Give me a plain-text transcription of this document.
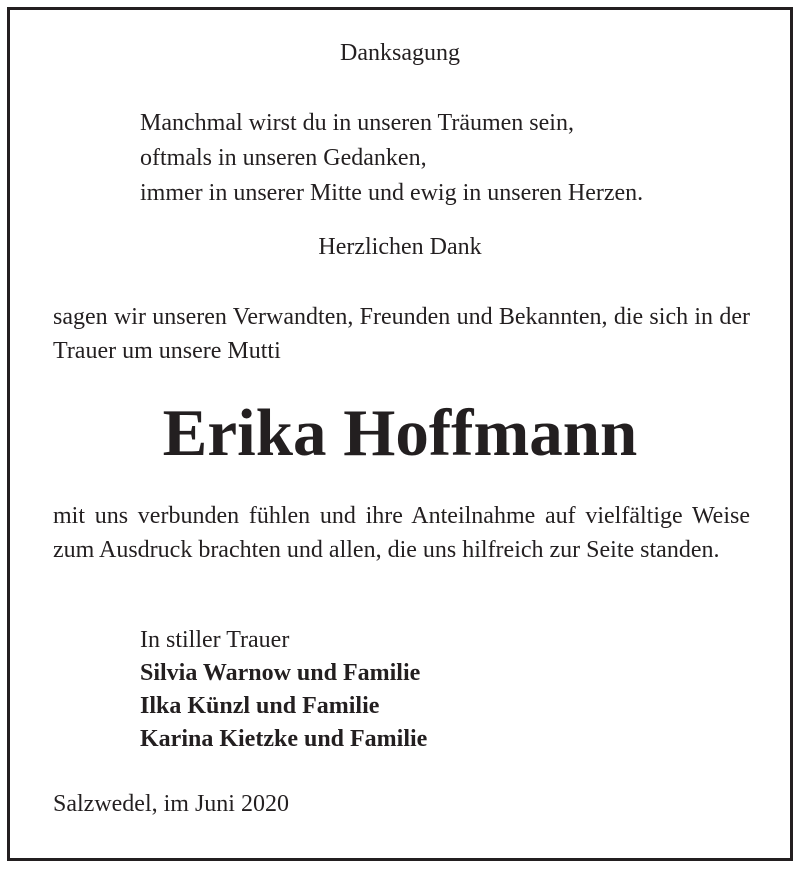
Danksagung
Manchmal wirst du in unseren Träumen sein,
oftmals in unseren Gedanken,
immer in unserer Mitte und ewig in unseren Herzen.
Herzlichen Dank
sagen wir unseren Verwandten, Freunden und Bekannten, die sich in der Trauer um unsere Mutti
Erika Hoffmann
mit uns verbunden fühlen und ihre Anteilnahme auf vielfältige Weise zum Ausdruck brachten und allen, die uns hilfreich zur Seite standen.
In stiller Trauer
Silvia Warnow und Familie
Ilka Künzl und Familie
Karina Kietzke und Familie
Salzwedel, im Juni 2020
